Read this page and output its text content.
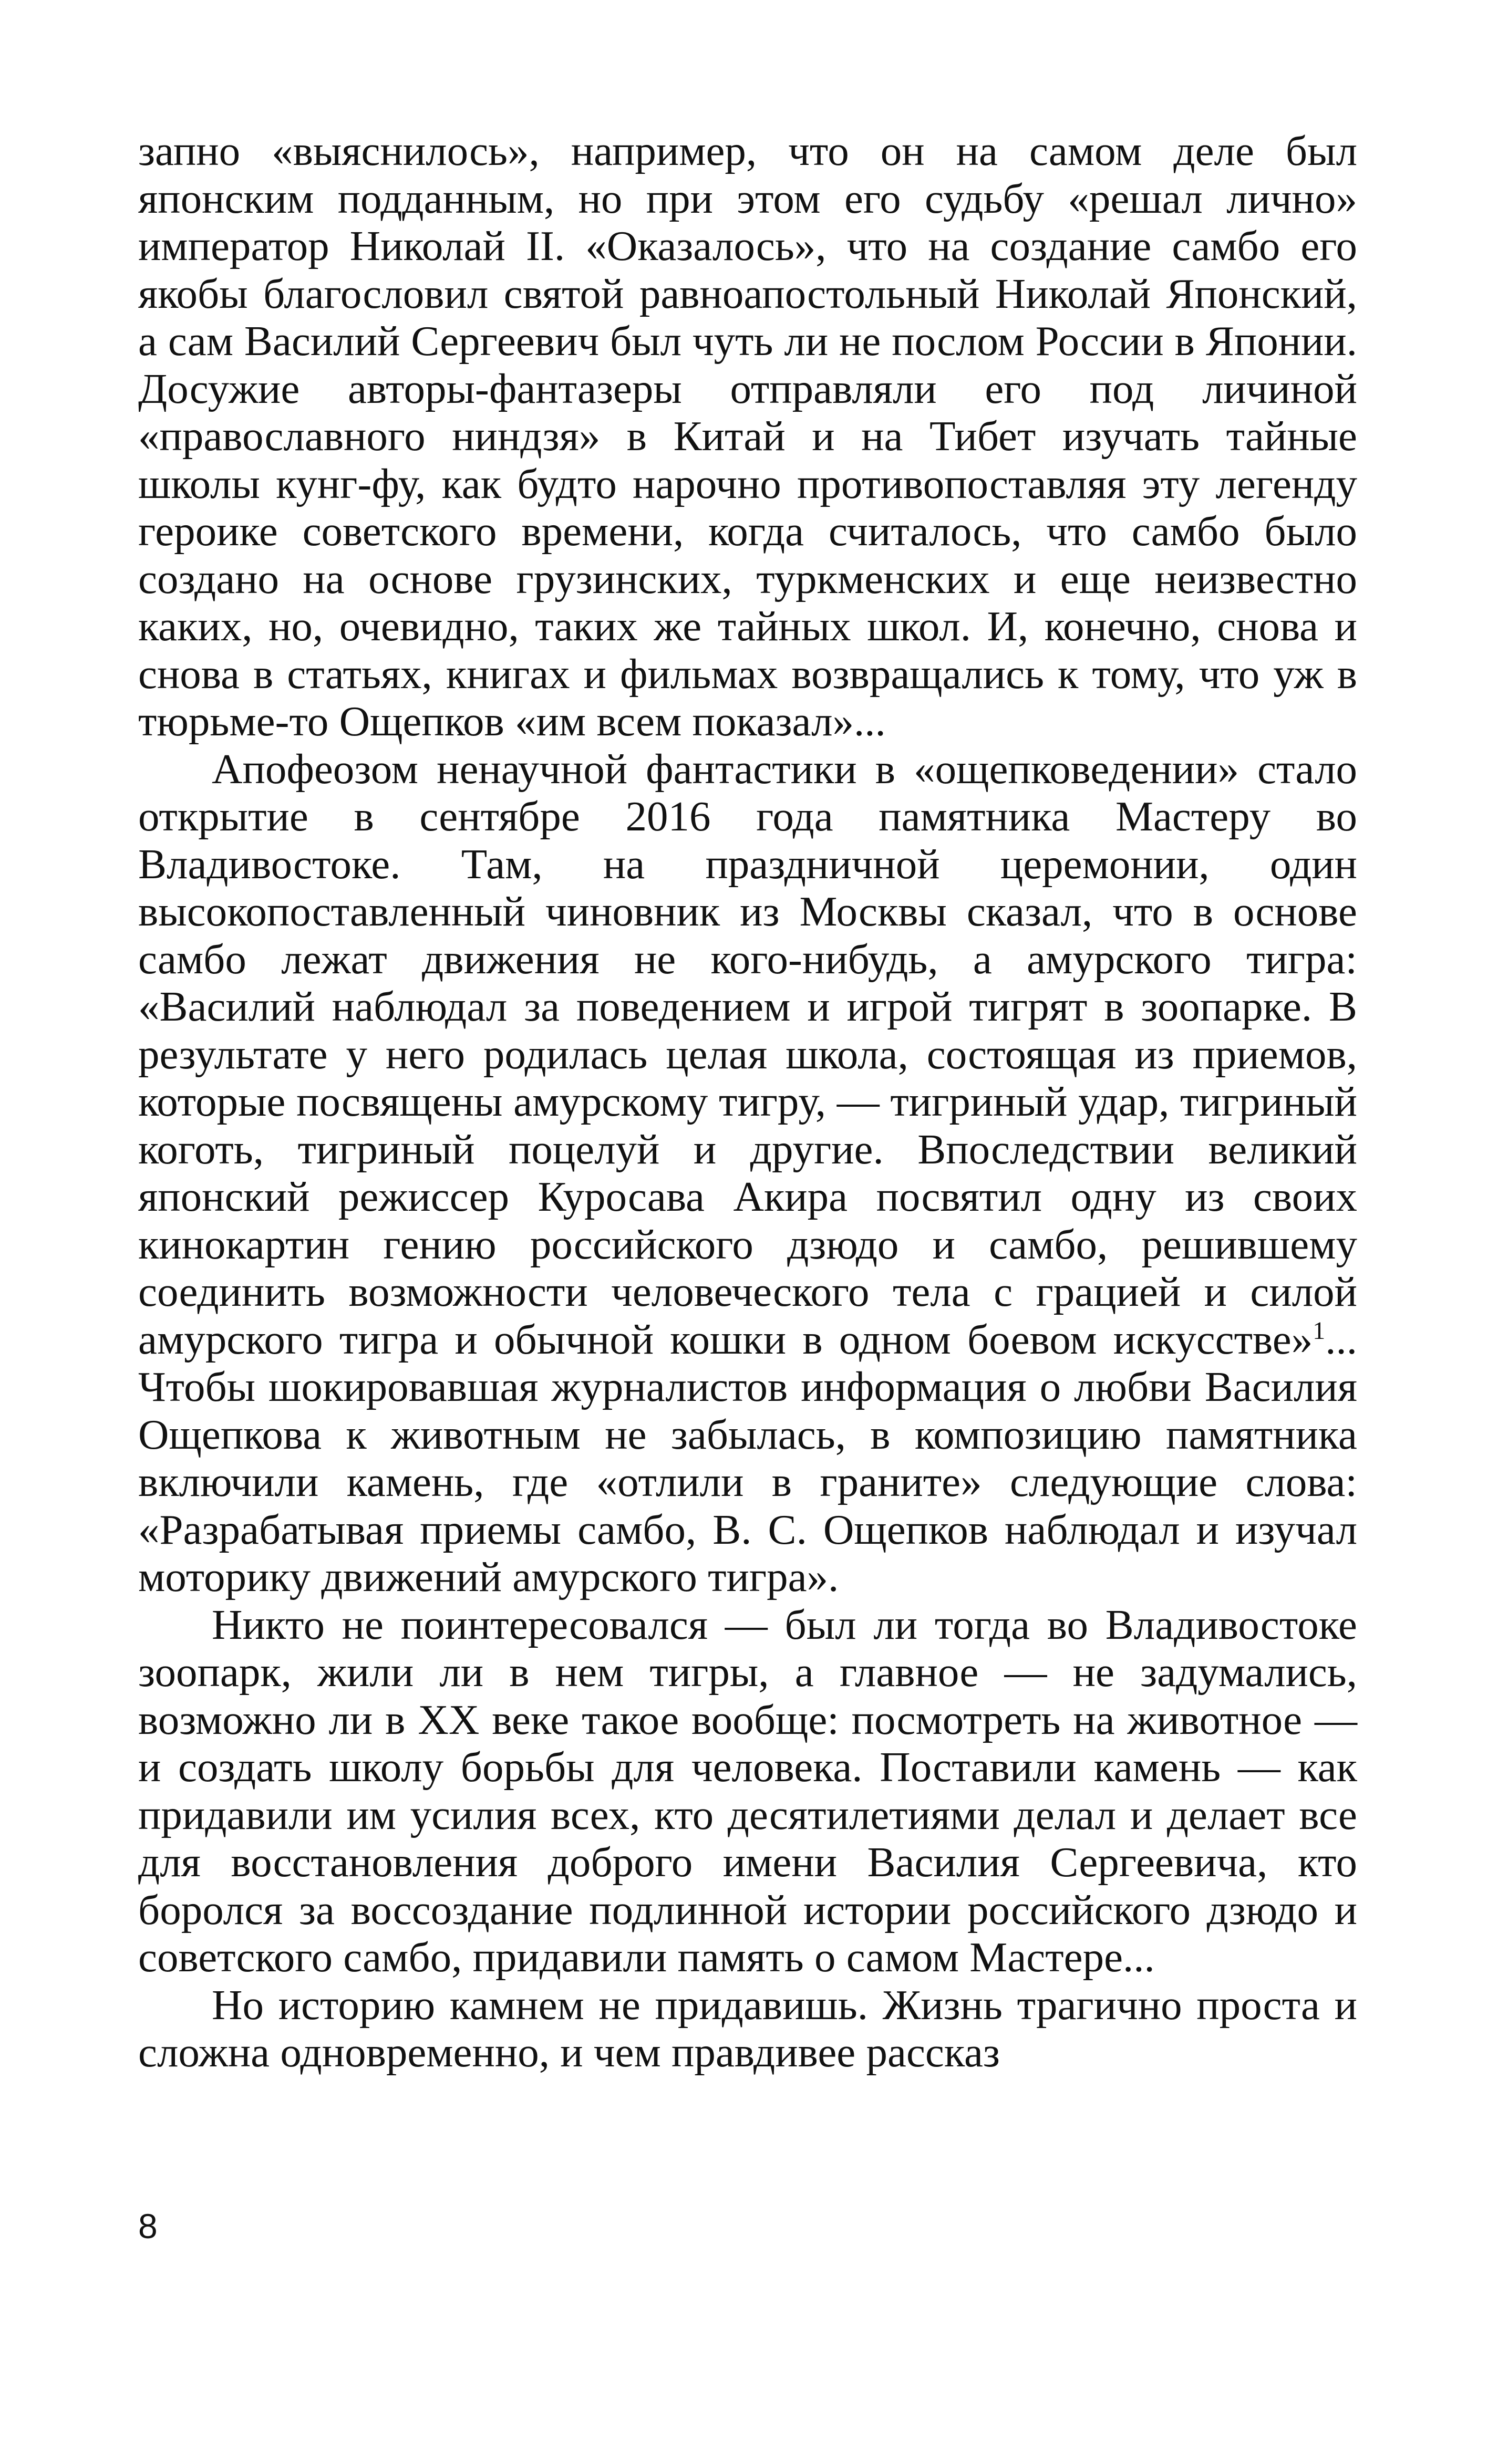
запно «выяснилось», например, что он на самом деле был японским подданным, но при этом его судьбу «решал лично» император Николай II. «Оказалось», что на создание самбо его якобы благословил святой равноапостольный Николай Японский, а сам Василий Сергеевич был чуть ли не послом России в Японии. Досужие авторы-фантазеры отправляли его под личиной «православного ниндзя» в Китай и на Тибет изучать тайные школы кунг-фу, как будто нарочно противопоставляя эту легенду героике советского времени, когда считалось, что самбо было создано на основе грузинских, туркменских и еще неизвестно каких, но, очевидно, таких же тайных школ. И, конечно, снова и снова в статьях, книгах и фильмах возвращались к тому, что уж в тюрьме-то Ощепков «им всем показал»...

Апофеозом ненаучной фантастики в «ощепковедении» стало открытие в сентябре 2016 года памятника Мастеру во Владивостоке. Там, на праздничной церемонии, один высокопоставленный чиновник из Москвы сказал, что в основе самбо лежат движения не кого-нибудь, а амурского тигра: «Василий наблюдал за поведением и игрой тигрят в зоопарке. В результате у него родилась целая школа, состоящая из приемов, которые посвящены амурскому тигру, — тигриный удар, тигриный коготь, тигриный поцелуй и другие. Впоследствии великий японский режиссер Куросава Акира посвятил одну из своих кинокартин гению российского дзюдо и самбо, решившему соединить возможности человеческого тела с грацией и силой амурского тигра и обычной кошки в одном боевом искусстве»$^1$... Чтобы шокировавшая журналистов информация о любви Василия Ощепкова к животным не забылась, в композицию памятника включили камень, где «отлили в граните» следующие слова: «Разрабатывая приемы самбо, В. С. Ощепков наблюдал и изучал моторику движений амурского тигра».

Никто не поинтересовался — был ли тогда во Владивостоке зоопарк, жили ли в нем тигры, а главное — не задумались, возможно ли в XX веке такое вообще: посмотреть на животное — и создать школу борьбы для человека. Поставили камень — как придавили им усилия всех, кто десятилетиями делал и делает все для восстановления доброго имени Василия Сергеевича, кто боролся за воссоздание подлинной истории российского дзюдо и советского самбо, придавили память о самом Мастере...

Но историю камнем не придавишь. Жизнь трагично проста и сложна одновременно, и чем правдивее рассказ

8
